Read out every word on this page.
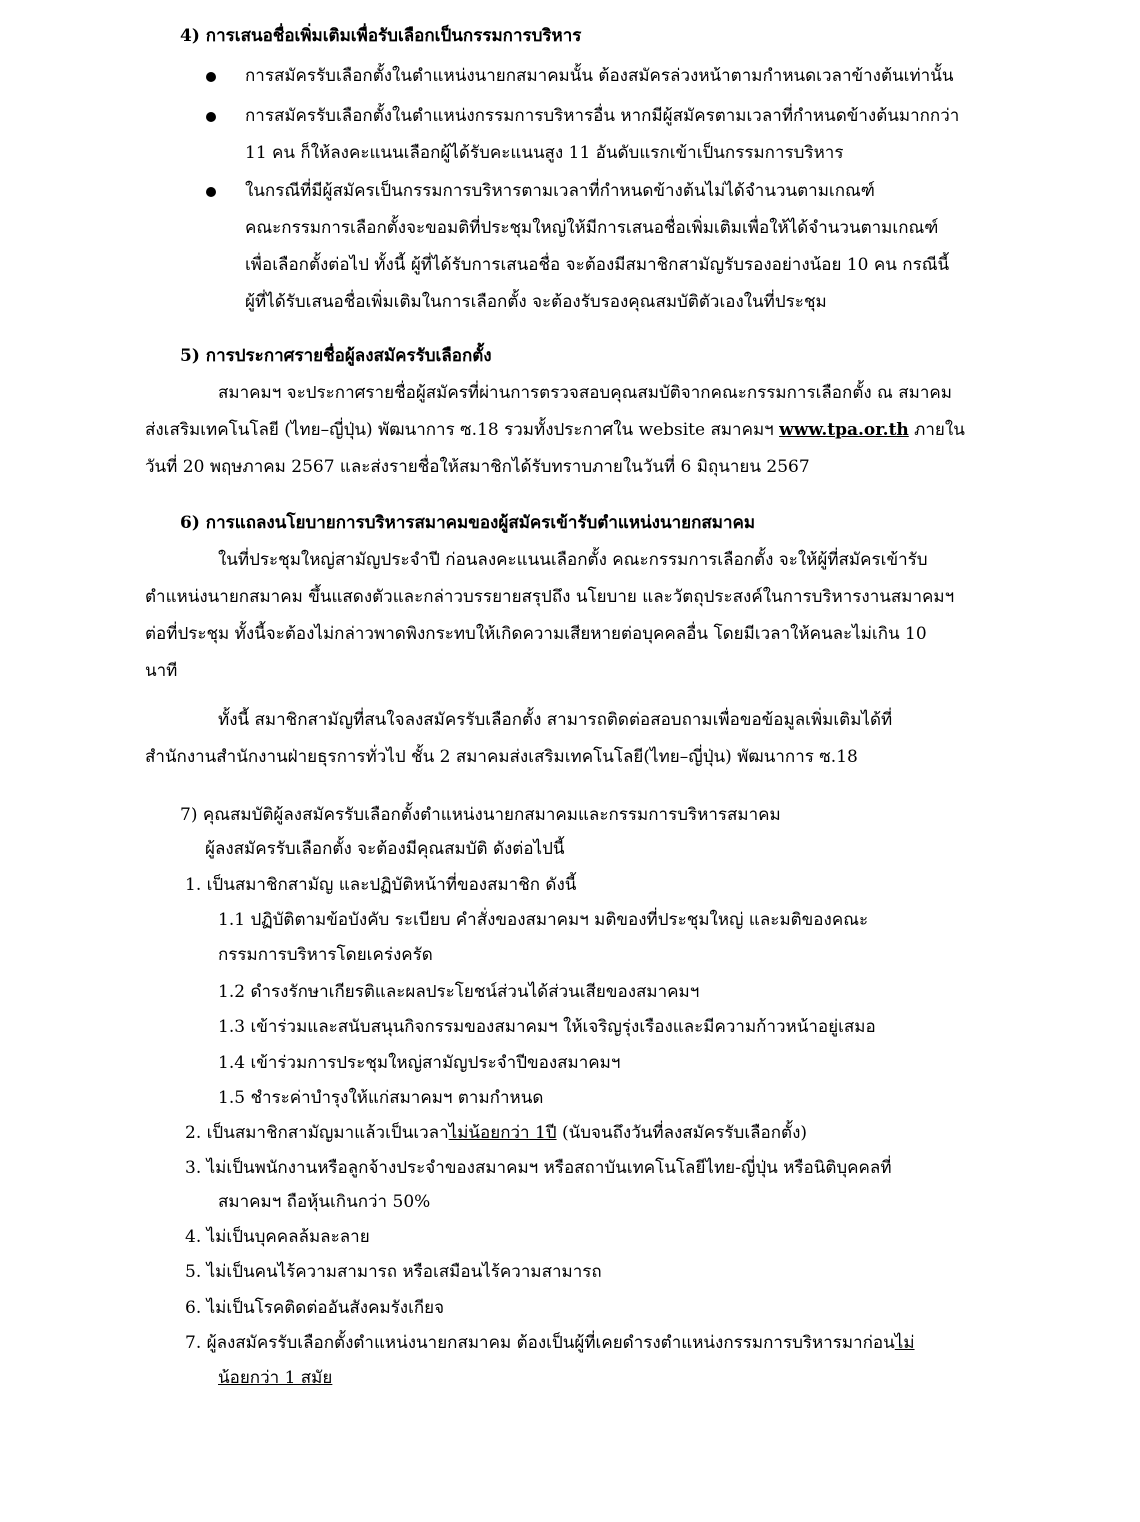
4) การเสนอชื่อเพิ่มเติมเพื่อรับเลือกเป็นกรรมการบริหาร
การสมัครรับเลือกตั้งในตำแหน่งนายกสมาคมนั้น ต้องสมัครล่วงหน้าตามกำหนดเวลาข้างต้นเท่านั้น
การสมัครรับเลือกตั้งในตำแหน่งกรรมการบริหารอื่น หากมีผู้สมัครตามเวลาที่กำหนดข้างต้นมากกว่า
11 คน ก็ให้ลงคะแนนเลือกผู้ได้รับคะแนนสูง 11 อันดับแรกเข้าเป็นกรรมการบริหาร
ในกรณีที่มีผู้สมัครเป็นกรรมการบริหารตามเวลาที่กำหนดข้างต้นไม่ได้จำนวนตามเกณฑ์
คณะกรรมการเลือกตั้งจะขอมติที่ประชุมใหญ่ให้มีการเสนอชื่อเพิ่มเติมเพื่อให้ได้จำนวนตามเกณฑ์
เพื่อเลือกตั้งต่อไป ทั้งนี้ ผู้ที่ได้รับการเสนอชื่อ จะต้องมีสมาชิกสามัญรับรองอย่างน้อย 10 คน กรณีนี้
ผู้ที่ได้รับเสนอชื่อเพิ่มเติมในการเลือกตั้ง จะต้องรับรองคุณสมบัติตัวเองในที่ประชุม
5) การประกาศรายชื่อผู้ลงสมัครรับเลือกตั้ง
สมาคมฯ จะประกาศรายชื่อผู้สมัครที่ผ่านการตรวจสอบคุณสมบัติจากคณะกรรมการเลือกตั้ง ณ สมาคม
ส่งเสริมเทคโนโลยี (ไทย–ญี่ปุ่น) พัฒนาการ ซ.18 รวมทั้งประกาศใน website สมาคมฯ www.tpa.or.th ภายใน
วันที่ 20 พฤษภาคม 2567 และส่งรายชื่อให้สมาชิกได้รับทราบภายในวันที่ 6 มิถุนายน 2567
6) การแถลงนโยบายการบริหารสมาคมของผู้สมัครเข้ารับตำแหน่งนายกสมาคม
ในที่ประชุมใหญ่สามัญประจำปี ก่อนลงคะแนนเลือกตั้ง คณะกรรมการเลือกตั้ง จะให้ผู้ที่สมัครเข้ารับ
ตำแหน่งนายกสมาคม ขึ้นแสดงตัวและกล่าวบรรยายสรุปถึง นโยบาย และวัตถุประสงค์ในการบริหารงานสมาคมฯ
ต่อที่ประชุม ทั้งนี้จะต้องไม่กล่าวพาดพิงกระทบให้เกิดความเสียหายต่อบุคคลอื่น โดยมีเวลาให้คนละไม่เกิน 10
นาที
ทั้งนี้ สมาชิกสามัญที่สนใจลงสมัครรับเลือกตั้ง สามารถติดต่อสอบถามเพื่อขอข้อมูลเพิ่มเติมได้ที่
สำนักงานสำนักงานฝ่ายธุรการทั่วไป ชั้น 2 สมาคมส่งเสริมเทคโนโลยี(ไทย–ญี่ปุ่น) พัฒนาการ ซ.18
7) คุณสมบัติผู้ลงสมัครรับเลือกตั้งตำแหน่งนายกสมาคมและกรรมการบริหารสมาคม
ผู้ลงสมัครรับเลือกตั้ง จะต้องมีคุณสมบัติ ดังต่อไปนี้
1. เป็นสมาชิกสามัญ และปฏิบัติหน้าที่ของสมาชิก ดังนี้
1.1 ปฏิบัติตามข้อบังคับ ระเบียบ คำสั่งของสมาคมฯ มติของที่ประชุมใหญ่ และมติของคณะ
กรรมการบริหารโดยเคร่งครัด
1.2 ดำรงรักษาเกียรติและผลประโยชน์ส่วนได้ส่วนเสียของสมาคมฯ
1.3 เข้าร่วมและสนับสนุนกิจกรรมของสมาคมฯ ให้เจริญรุ่งเรืองและมีความก้าวหน้าอยู่เสมอ
1.4 เข้าร่วมการประชุมใหญ่สามัญประจำปีของสมาคมฯ
1.5 ชำระค่าบำรุงให้แก่สมาคมฯ ตามกำหนด
2. เป็นสมาชิกสามัญมาแล้วเป็นเวลาไม่น้อยกว่า 1ปี (นับจนถึงวันที่ลงสมัครรับเลือกตั้ง)
3. ไม่เป็นพนักงานหรือลูกจ้างประจำของสมาคมฯ หรือสถาบันเทคโนโลยีไทย-ญี่ปุ่น หรือนิติบุคคลที่
สมาคมฯ ถือหุ้นเกินกว่า 50%
4. ไม่เป็นบุคคลล้มละลาย
5. ไม่เป็นคนไร้ความสามารถ หรือเสมือนไร้ความสามารถ
6. ไม่เป็นโรคติดต่ออันสังคมรังเกียจ
7. ผู้ลงสมัครรับเลือกตั้งตำแหน่งนายกสมาคม ต้องเป็นผู้ที่เคยดำรงตำแหน่งกรรมการบริหารมาก่อนไม่
น้อยกว่า 1 สมัย
